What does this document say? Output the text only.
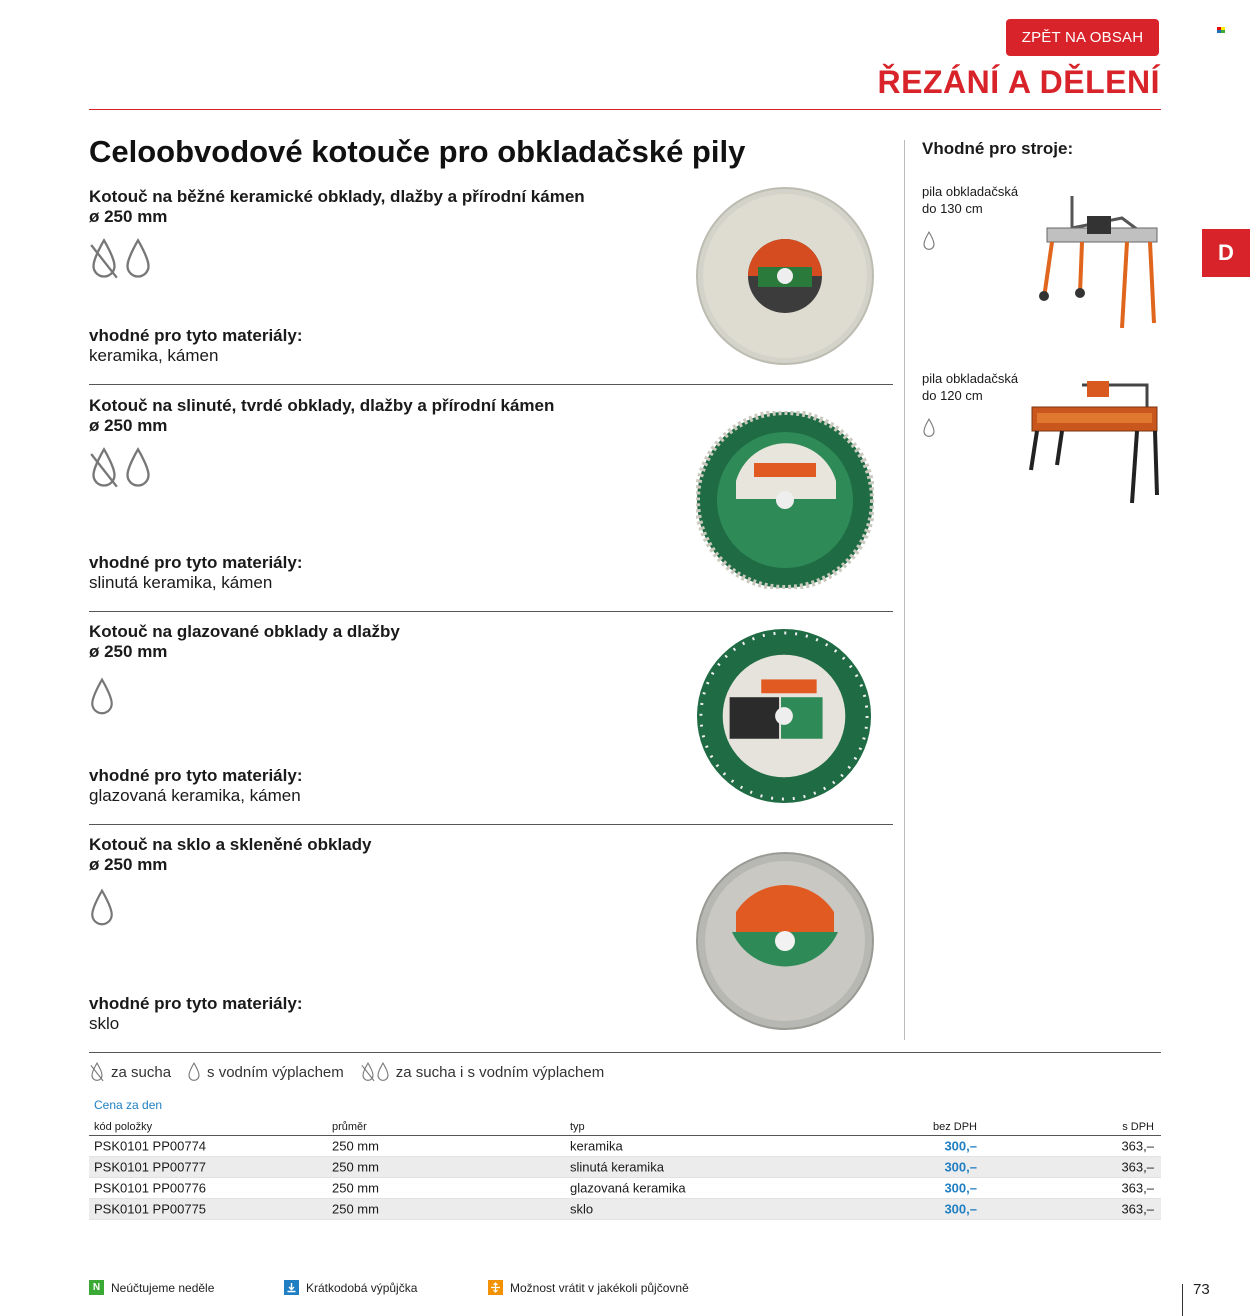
ZPĚT NA OBSAH
ŘEZÁNÍ A DĚLENÍ
Celoobvodové kotouče pro obkladačské pily
Kotouč na běžné keramické obklady, dlažby a přírodní kámen
ø 250 mm
vhodné pro tyto materiály:
keramika, kámen
Kotouč na slinuté, tvrdé obklady, dlažby a přírodní kámen
ø 250 mm
vhodné pro tyto materiály:
slinutá keramika, kámen
Kotouč na glazované obklady a dlažby
ø 250 mm
vhodné pro tyto materiály:
glazovaná keramika, kámen
Kotouč na sklo a skleněné obklady
ø 250 mm
vhodné pro tyto materiály:
sklo
Vhodné pro stroje:
pila obkladačská
do 130 cm
pila obkladačská
do 120 cm
D
za sucha s vodním výplachem	za sucha i s vodním výplachem
Cena za den
kód položky	průměr	typ	bez DPH	s DPH
PSK0101 PP00774	250 mm	keramika	300,–	363,–
PSK0101 PP00777	250 mm	slinutá keramika	300,–	363,–
PSK0101 PP00776	250 mm	glazovaná keramika	300,–	363,–
PSK0101 PP00775	250 mm	sklo	300,–	363,–
N Neúčtujeme neděle	Krátkodobá výpůjčka	Možnost vrátit v jakékoli půjčovně	73
